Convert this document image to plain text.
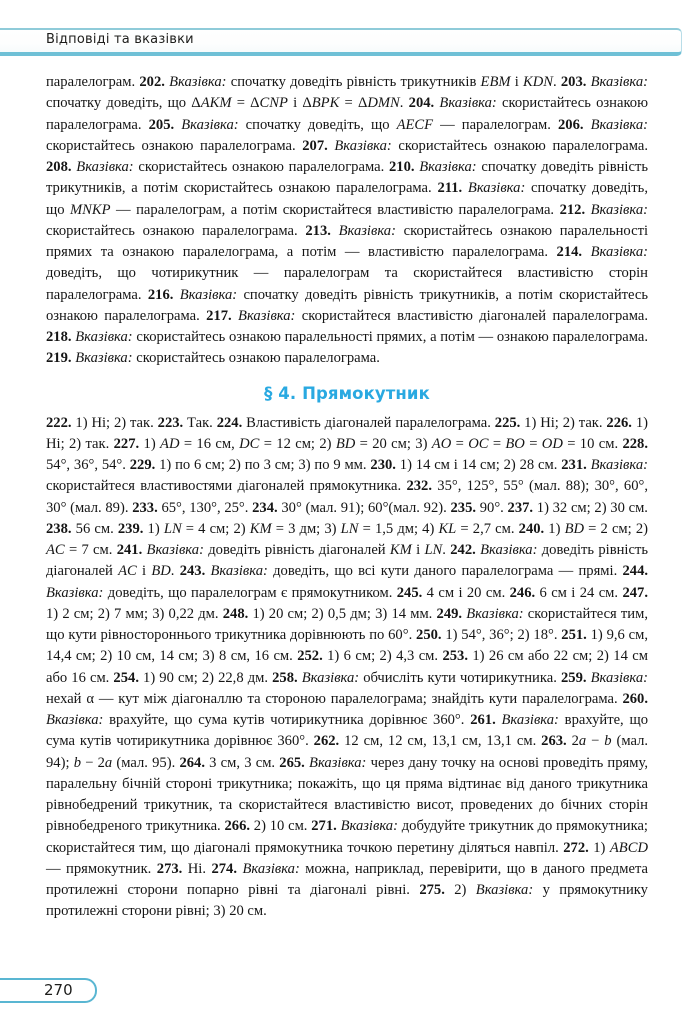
Відповіді та вказівки

паралелограм. 202. Вказівка: спочатку доведіть рівність трикутників EBM і KDN. 203. Вказівка: спочатку доведіть, що ΔAKM = ΔCNP і ΔBPK = ΔDMN. 204. Вказівка: скористайтесь ознакою паралелограма. 205. Вказівка: спочатку доведіть, що AECF — паралелограм. 206. Вказівка: скористайтесь ознакою паралелограма. 207. Вказівка: скористайтесь ознакою паралелограма. 208. Вказівка: скористайтесь ознакою паралелограма. 210. Вказівка: спочатку доведіть рівність трикутників, а потім скористайтесь ознакою паралелограма. 211. Вказівка: спочатку доведіть, що MNKP — паралелограм, а потім скористайтеся властивістю паралелограма. 212. Вказівка: скористайтесь ознакою паралелограма. 213. Вказівка: скористайтесь ознакою паралельності прямих та ознакою паралелограма, а потім — властивістю паралелограма. 214. Вказівка: доведіть, що чотирикутник — паралелограм та скористайтеся властивістю сторін паралелограма. 216. Вказівка: спочатку доведіть рівність трикутників, а потім скористайтесь ознакою паралелограма. 217. Вказівка: скористайтеся властивістю діагоналей паралелограма. 218. Вказівка: скористайтесь ознакою паралельності прямих, а потім — ознакою паралелограма. 219. Вказівка: скористайтесь ознакою паралелограма.

§ 4. Прямокутник

222. 1) Ні; 2) так. 223. Так. 224. Властивість діагоналей паралелограма. 225. 1) Ні; 2) так. 226. 1) Ні; 2) так. 227. 1) AD = 16 см, DC = 12 см; 2) BD = 20 см; 3) AO = OC = BO = OD = 10 см. 228. 54°, 36°, 54°. 229. 1) по 6 см; 2) по 3 см; 3) по 9 мм. 230. 1) 14 см і 14 см; 2) 28 см. 231. Вказівка: скористайтеся властивостями діагоналей прямокутника. 232. 35°, 125°, 55° (мал. 88); 30°, 60°, 30° (мал. 89). 233. 65°, 130°, 25°. 234. 30° (мал. 91); 60°(мал. 92). 235. 90°. 237. 1) 32 см; 2) 30 см. 238. 56 см. 239. 1) LN = 4 см; 2) KM = 3 дм; 3) LN = 1,5 дм; 4) KL = 2,7 см. 240. 1) BD = 2 см; 2) AC = 7 см. 241. Вказівка: доведіть рівність діагоналей KM і LN. 242. Вказівка: доведіть рівність діагоналей AC і BD. 243. Вказівка: доведіть, що всі кути даного паралелограма — прямі. 244. Вказівка: доведіть, що паралелограм є прямокутником. 245. 4 см і 20 см. 246. 6 см і 24 см. 247. 1) 2 см; 2) 7 мм; 3) 0,22 дм. 248. 1) 20 см; 2) 0,5 дм; 3) 14 мм. 249. Вказівка: скористайтеся тим, що кути рівностороннього трикутника дорівнюють по 60°. 250. 1) 54°, 36°; 2) 18°. 251. 1) 9,6 см, 14,4 см; 2) 10 см, 14 см; 3) 8 см, 16 см. 252. 1) 6 см; 2) 4,3 см. 253. 1) 26 см або 22 см; 2) 14 см або 16 см. 254. 1) 90 см; 2) 22,8 дм. 258. Вказівка: обчисліть кути чотирикутника. 259. Вказівка: нехай α — кут між діагоналлю та стороною паралелограма; знайдіть кути паралелограма. 260. Вказівка: врахуйте, що сума кутів чотирикутника дорівнює 360°. 261. Вказівка: врахуйте, що сума кутів чотирикутника дорівнює 360°. 262. 12 см, 12 см, 13,1 см, 13,1 см. 263. 2a − b (мал. 94); b − 2a (мал. 95). 264. 3 см, 3 см. 265. Вказівка: через дану точку на основі проведіть пряму, паралельну бічній стороні трикутника; покажіть, що ця пряма відтинає від даного трикутника рівнобедрений трикутник, та скористайтеся властивістю висот, проведених до бічних сторін рівнобедреного трикутника. 266. 2) 10 см. 271. Вказівка: добудуйте трикутник до прямокутника; скористайтеся тим, що діагоналі прямокутника точкою перетину діляться навпіл. 272. 1) ABCD — прямокутник. 273. Ні. 274. Вказівка: можна, наприклад, перевірити, що в даного предмета протилежні сторони попарно рівні та діагоналі рівні. 275. 2) Вказівка: у прямокутнику протилежні сторони рівні; 3) 20 см.

270
